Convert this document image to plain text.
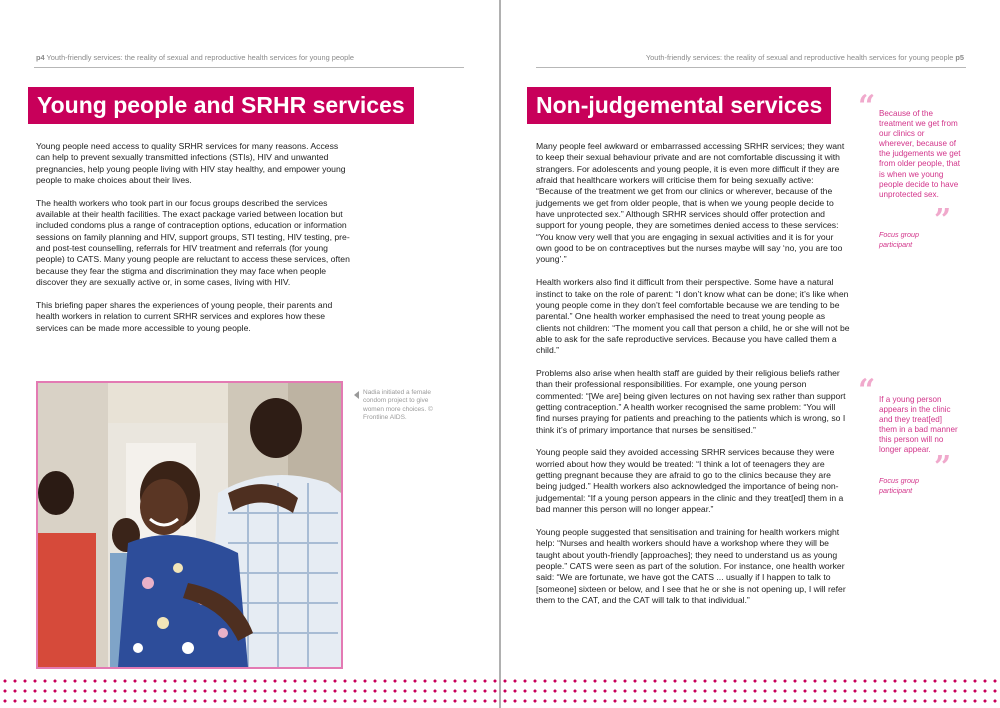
p4 Youth-friendly services: the reality of sexual and reproductive health services for young people
Young people and SRHR services

Young people need access to quality SRHR services for many reasons. Access can help to prevent sexually transmitted infections (STIs), HIV and unwanted pregnancies, help young people living with HIV stay healthy, and empower young people to make choices about their lives.

The health workers who took part in our focus groups described the services available at their health facilities. The exact package varied between location but included condoms plus a range of contraception options, education or information sessions on family planning and HIV, support groups, STI testing, HIV testing, pre- and post-test counselling, referrals for HIV treatment and referrals (for young people) to CATS. Many young people are reluctant to access these services, often because they fear the stigma and discrimination they may face when people discover they are sexually active or, in some cases, living with HIV.

This briefing paper shares the experiences of young people, their parents and health workers in relation to current SRHR services and explores how these services can be made more accessible to young people.

Nadia initiated a female condom project to give women more choices. © Frontline AIDS.
Youth-friendly services: the reality of sexual and reproductive health services for young people p5
Non-judgemental services

Many people feel awkward or embarrassed accessing SRHR services; they want to keep their sexual behaviour private and are not comfortable discussing it with strangers. For adolescents and young people, it is even more difficult if they are afraid that healthcare workers will criticise them for being sexually active: “Because of the treatment we get from our clinics or wherever, because of the judgements we get from older people, that is when we young people decide to have unprotected sex.” Although SRHR services should offer protection and support for young people, they are sometimes denied access to these services: “You know very well that you are engaging in sexual activities and it is for your own good to be on contraceptives but the nurses maybe will say ‘no, you are too young’.”

Health workers also find it difficult from their perspective. Some have a natural instinct to take on the role of parent: “I don’t know what can be done; it’s like when young people come in they don’t feel comfortable because we are tending to be parental.” One health worker emphasised the need to treat young people as clients not children: “The moment you call that person a child, he or she will not be able to ask for the safe reproductive services. Because you have called them a child.”

Problems also arise when health staff are guided by their religious beliefs rather than their professional responsibilities. For example, one young person commented: “[We are] being given lectures on not having sex rather than support getting contraception.” A health worker recognised the same problem: “You will find nurses praying for patients and preaching to the patients which is wrong, so I think it’s of primary importance that nurses be sensitised.”

Young people said they avoided accessing SRHR services because they were worried about how they would be treated: “I think a lot of teenagers they are getting pregnant because they are afraid to go to the clinics because they are being judged.” Health workers also acknowledged the importance of being non-judgemental: “If a young person appears in the clinic and they treat[ed] them in a bad manner this person will no longer appear.”

Young people suggested that sensitisation and training for health workers might help: “Nurses and health workers should have a workshop where they will be taught about youth-friendly [approaches]; they need to understand us as young people.” CATS were seen as part of the solution. For instance, one health worker said: “We are fortunate, we have got the CATS ... usually if I happen to talk to [someone] sixteen or below, and I see that he or she is not opening up, I will refer them to the CAT, and the CAT will talk to that individual.”

“ Because of the treatment we get from our clinics or wherever, because of the judgements we get from older people, that is when we young people decide to have unprotected sex.
”
Focus group participant
“ If a young person appears in the clinic and they treat[ed] them in a bad manner this person will no longer appear.
”
Focus group participant
